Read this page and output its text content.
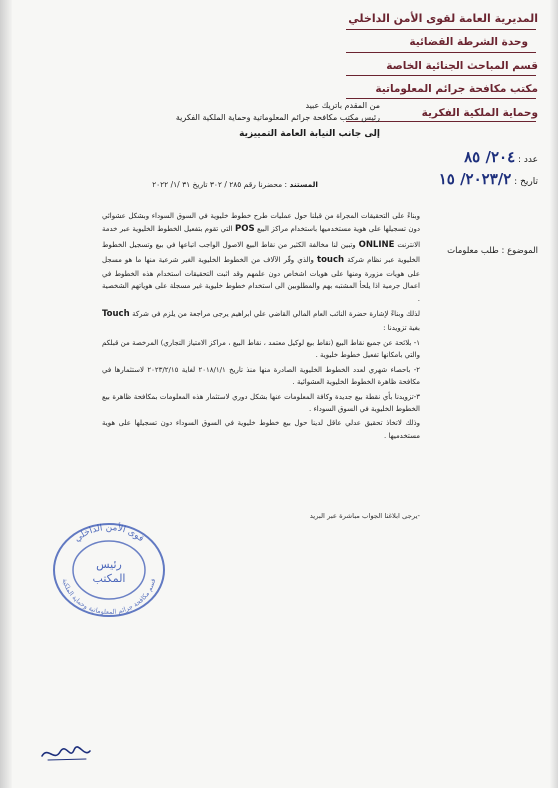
المديرية العامة لقوى الأمن الداخلي
وحدة الشرطة القضائية
قسم المباحث الجنائية الخاصة
مكتب مكافحة جرائم المعلوماتية
وحماية الملكية الفكرية
عدد : ٢٠٤/ ٨٥
تاريخ : ٢٠٢٣/٢/ ١٥
من المقدم باتريك عبيد
رئيس مكتب مكافحة جرائم المعلوماتية وحماية الملكية الفكرية
إلى جانب النيابة العامة التمييزية
المستند : محضرنا رقم ٢٨٥ / ٣٠٢ تاريخ ٣١ /١/ ٢٠٢٢
الموضوع : طلب معلومات

وبناءً على التحقيقات المجراة من قبلنا حول عمليات طرح خطوط خليوية في السوق السوداء وبشكل عشوائي دون تسجيلها على هوية مستخدميها باستخدام مراكز البيع POS التي تقوم بتفعيل الخطوط الخليوية عبر خدمة الانترنت ONLINE وتبين لنا مخالفة الكثير من نقاط البيع الاصول الواجب اتباعها في بيع وتسجيل الخطوط الخليوية عبر نظام شركة touch والذي وفّر الآلاف من الخطوط الخليوية الغير شرعية منها ما هو مسجل على هويات مزورة ومنها على هويات اشخاص دون علمهم وقد اثبت التحقيقات استخدام هذه الخطوط في اعمال جرمية اذا يلحأ المشتبه بهم والمطلوبين الى استخدام خطوط خليوية غير مسجلة على هوياتهم الشخصية .

لذلك وبناءً لإشارة حضرة النائب العام المالي القاضي علي ابراهيم يرجى مراجعة من يلزم في شركة Touch بغية تزويدنا :

١- بلائحة عن جميع نقاط البيع (نقاط بيع لوكيل معتمد ، نقاط البيع ، مراكز الامتياز التجاري) المرخصة من قبلكم والتي بامكانها تفعيل خطوط خليوية .

٢- باحصاء شهري لعدد الخطوط الخليوية الصادرة منها منذ تاريخ ٢٠١٨/١/١ لغاية ٢٠٢٣/٢/١٥ لاستثمارها في مكافحة ظاهرة الخطوط الخليوية العشوائية .

٣-تزويدنا بأي نقطة بيع جديدة وكافة المعلومات عنها بشكل دوري لاستثمار هذه المعلومات بمكافحة ظاهرة بيع الخطوط الخليوية في السوق السوداء .

وذلك لاتخاذ تحقيق عدلي عاقل لدينا حول بيع خطوط خليوية في السوق السوداء دون تسجيلها على هوية مستخدميها .

-يرجى ابلاغنا الجواب مباشرة عبر البريد
قوى الأمن الداخلي
قسم مكافحة جرائم المعلوماتية وحماية الملكية
رئيس
المكتب
